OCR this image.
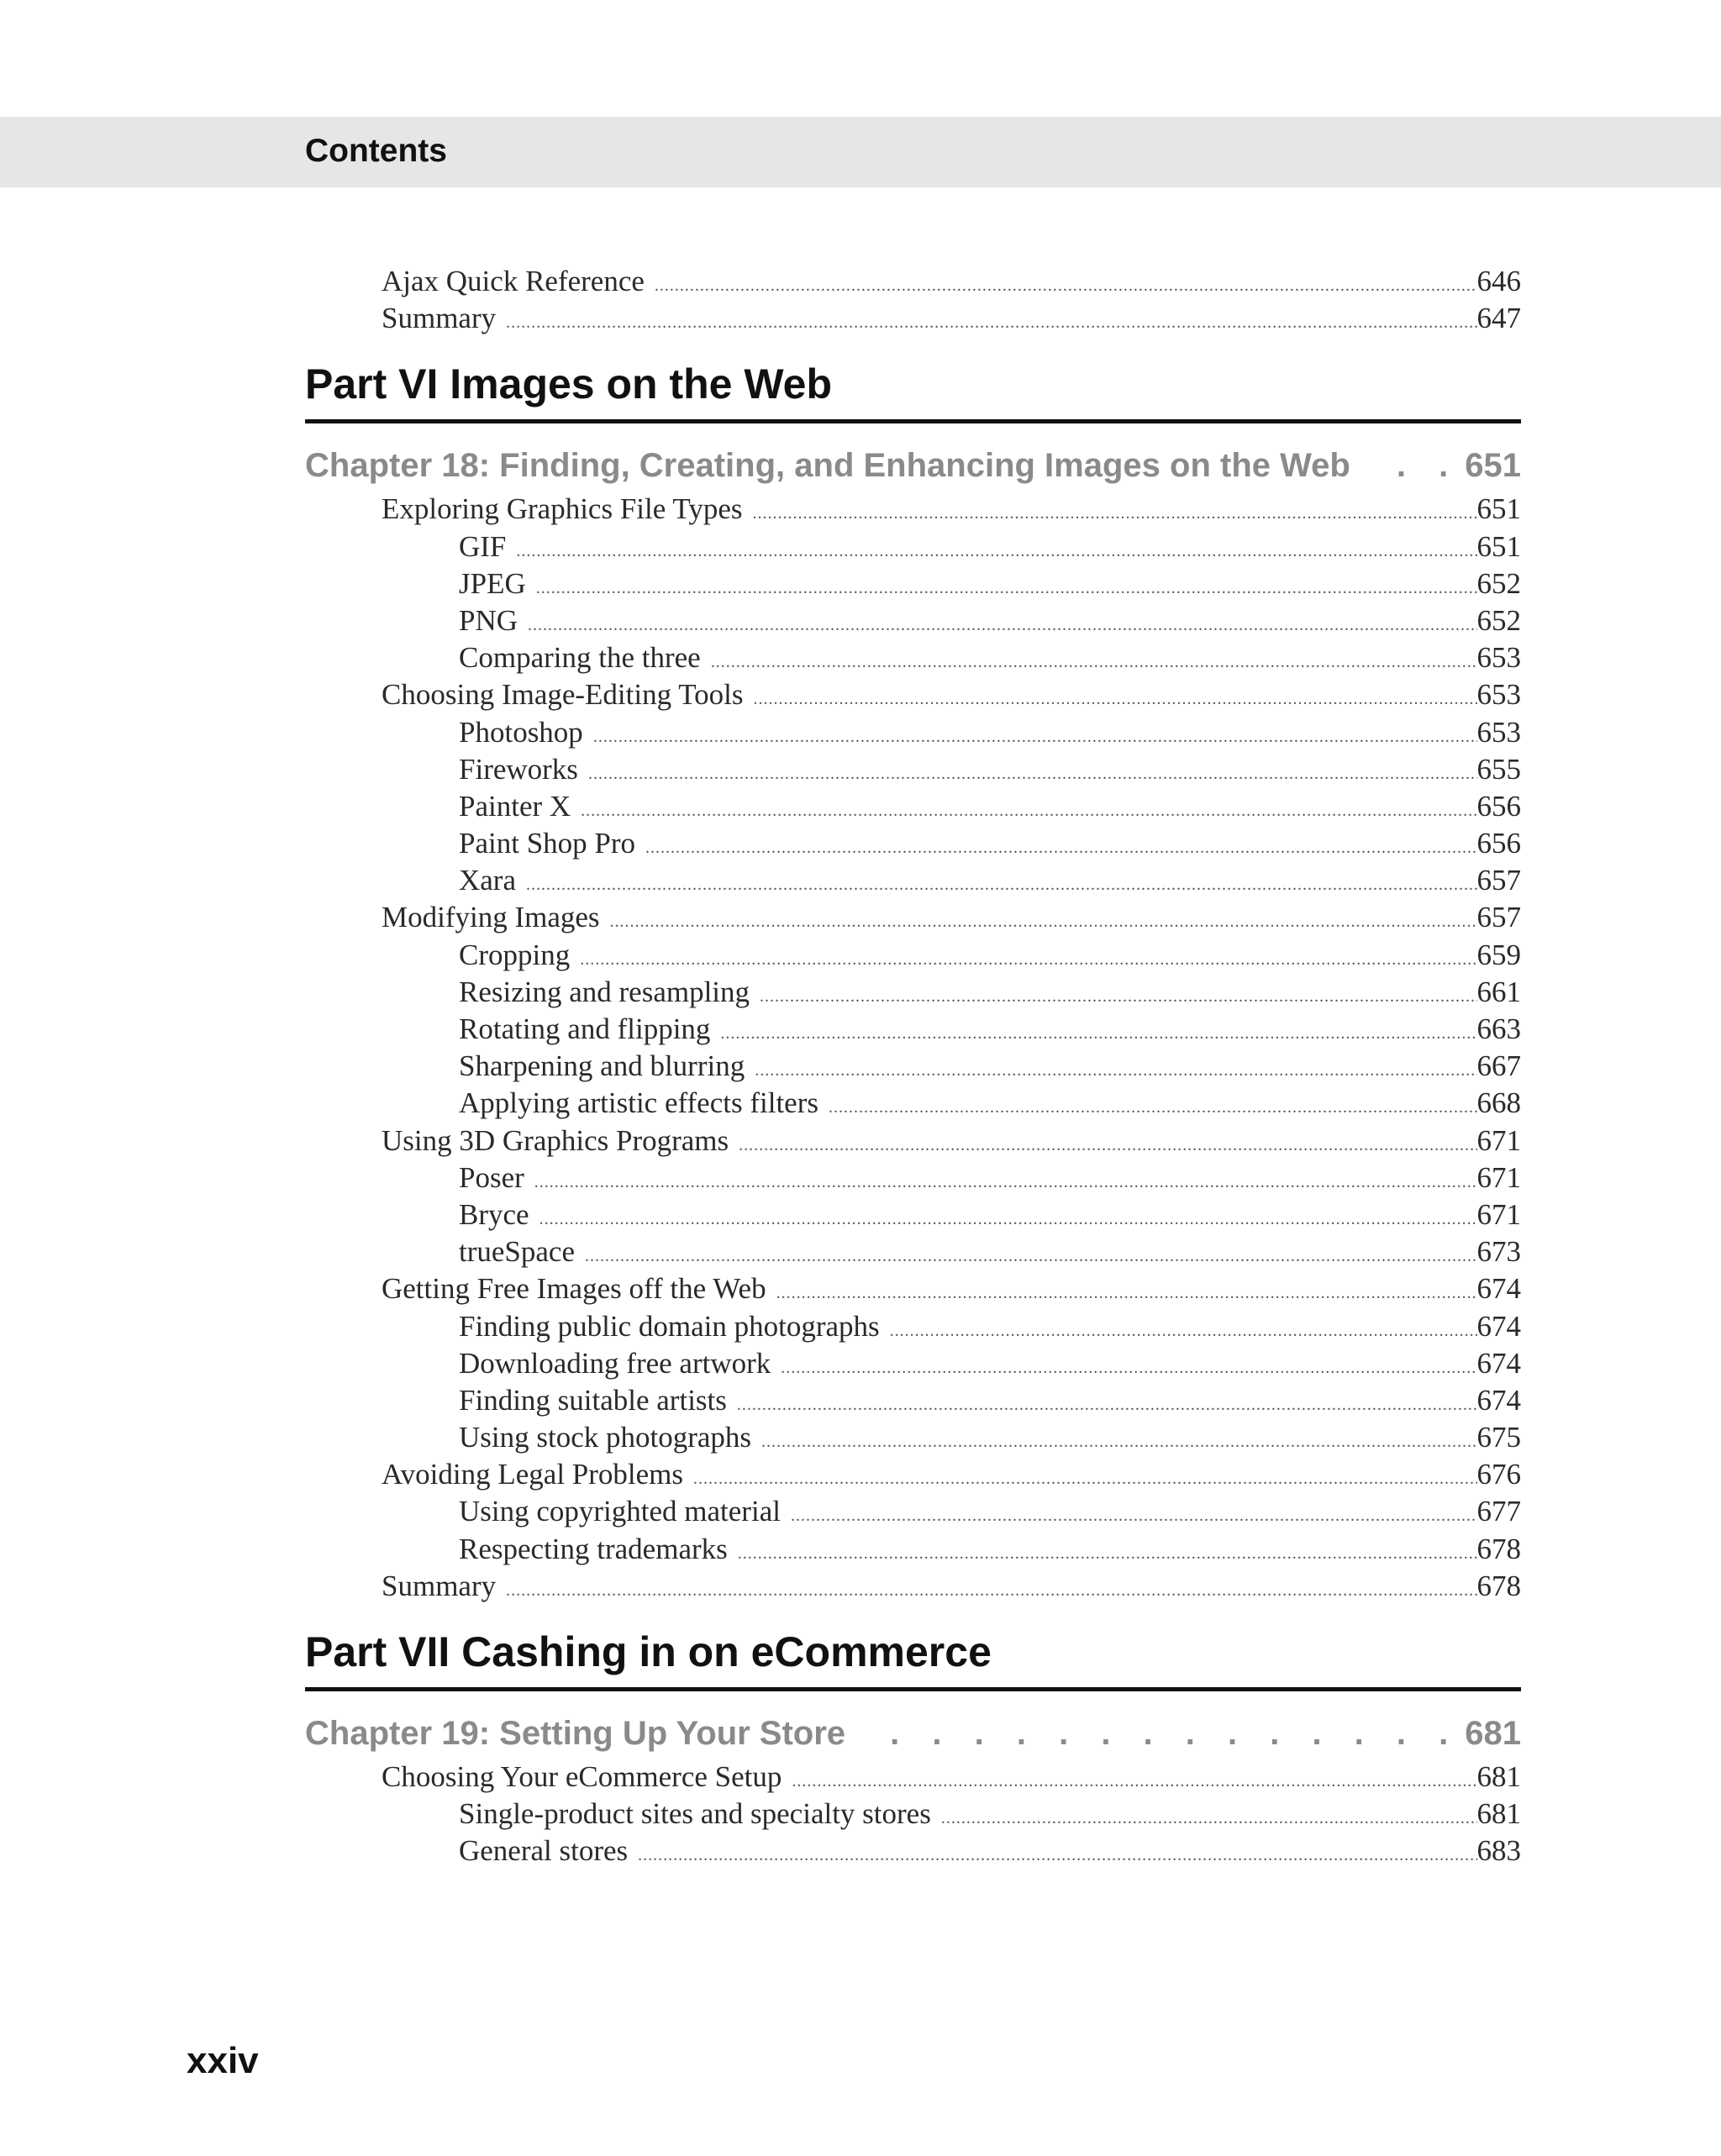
Contents
Ajax Quick Reference .....	646
Summary .....	647
Part VI Images on the Web
Chapter 18: Finding, Creating, and Enhancing Images on the Web . . .	651
Exploring Graphics File Types .....	651
GIF .....	651
JPEG .....	652
PNG .....	652
Comparing the three .....	653
Choosing Image-Editing Tools .....	653
Photoshop .....	653
Fireworks .....	655
Painter X .....	656
Paint Shop Pro .....	656
Xara .....	657
Modifying Images .....	657
Cropping .....	659
Resizing and resampling .....	661
Rotating and flipping .....	663
Sharpening and blurring .....	667
Applying artistic effects filters .....	668
Using 3D Graphics Programs .....	671
Poser .....	671
Bryce .....	671
trueSpace .....	673
Getting Free Images off the Web .....	674
Finding public domain photographs .....	674
Downloading free artwork .....	674
Finding suitable artists .....	674
Using stock photographs .....	675
Avoiding Legal Problems .....	676
Using copyrighted material .....	677
Respecting trademarks .....	678
Summary .....	678
Part VII Cashing in on eCommerce
Chapter 19: Setting Up Your Store . . .	681
Choosing Your eCommerce Setup .....	681
Single-product sites and specialty stores .....	681
General stores .....	683
xxiv
